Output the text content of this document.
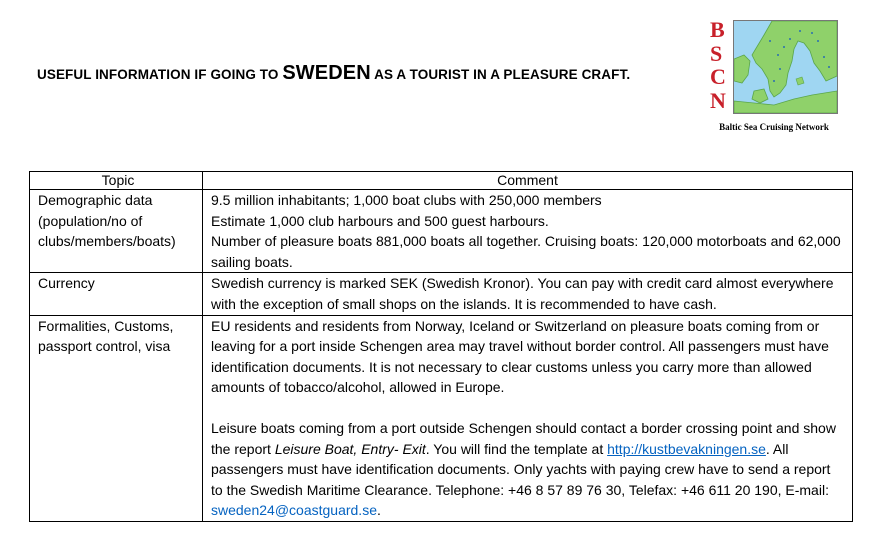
USEFUL INFORMATION IF GOING TO SWEDEN AS A TOURIST IN A PLEASURE CRAFT.
B
S
C
N
Baltic Sea Cruising Network
Topic	Comment
Demographic data (population/no of clubs/members/boats)	9.5 million inhabitants; 1,000 boat clubs with 250,000 members
Estimate 1,000 club harbours and 500 guest harbours.
Number of pleasure boats 881,000 boats all together. Cruising boats: 120,000 motorboats and 62,000 sailing boats.

Currency	Swedish currency is marked SEK (Swedish Kronor). You can pay with credit card almost everywhere with the exception of small shops on the islands. It is recommended to have cash.
Formalities, Customs, passport control, visa	EU residents and residents from Norway, Iceland or Switzerland on pleasure boats coming from or leaving for a port inside Schengen area may travel without border control. All passengers must have identification documents. It is not necessary to clear customs unless you carry more than allowed amounts of tobacco/alcohol, allowed in Europe.
Leisure boats coming from a port outside Schengen should contact a border crossing point and show the report Leisure Boat, Entry- Exit. You will find the template at http://kustbevakningen.se. All passengers must have identification documents. Only yachts with paying crew have to send a report to the Swedish Maritime Clearance. Telephone: +46 8 57 89 76 30, Telefax: +46 611 20 190, E-mail: sweden24@coastguard.se.
